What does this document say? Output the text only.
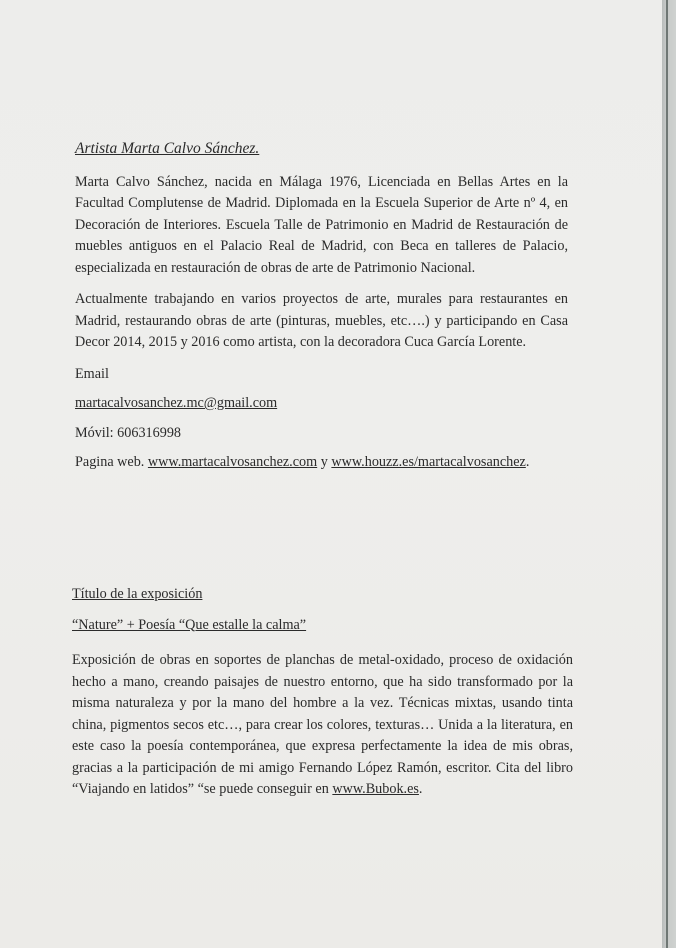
Artista Marta Calvo Sánchez.

Marta Calvo Sánchez, nacida en Málaga 1976, Licenciada en Bellas Artes en la Facultad Complutense de Madrid. Diplomada en la Escuela Superior de Arte nº 4, en Decoración de Interiores. Escuela Talle de Patrimonio en Madrid de Restauración de muebles antiguos en el Palacio Real de Madrid, con Beca en talleres de Palacio, especializada en restauración de obras de arte de Patrimonio Nacional.

Actualmente trabajando en varios proyectos de arte, murales para restaurantes en Madrid, restaurando obras de arte (pinturas, muebles, etc….) y participando en Casa Decor 2014, 2015 y 2016 como artista, con la decoradora Cuca García Lorente.

Email
martacalvosanchez.mc@gmail.com
Móvil: 606316998
Pagina web. www.martacalvosanchez.com y www.houzz.es/martacalvosanchez.
Título de la exposición
“Nature” + Poesía “Que estalle la calma”

Exposición de obras en soportes de planchas de metal-oxidado, proceso de oxidación hecho a mano, creando paisajes de nuestro entorno, que ha sido transformado por la misma naturaleza y por la mano del hombre a la vez. Técnicas mixtas, usando tinta china, pigmentos secos etc…, para crear los colores, texturas… Unida a la literatura, en este caso la poesía contemporánea, que expresa perfectamente la idea de mis obras, gracias a la participación de mi amigo Fernando López Ramón, escritor. Cita del libro “Viajando en latidos” “se puede conseguir en www.Bubok.es.
